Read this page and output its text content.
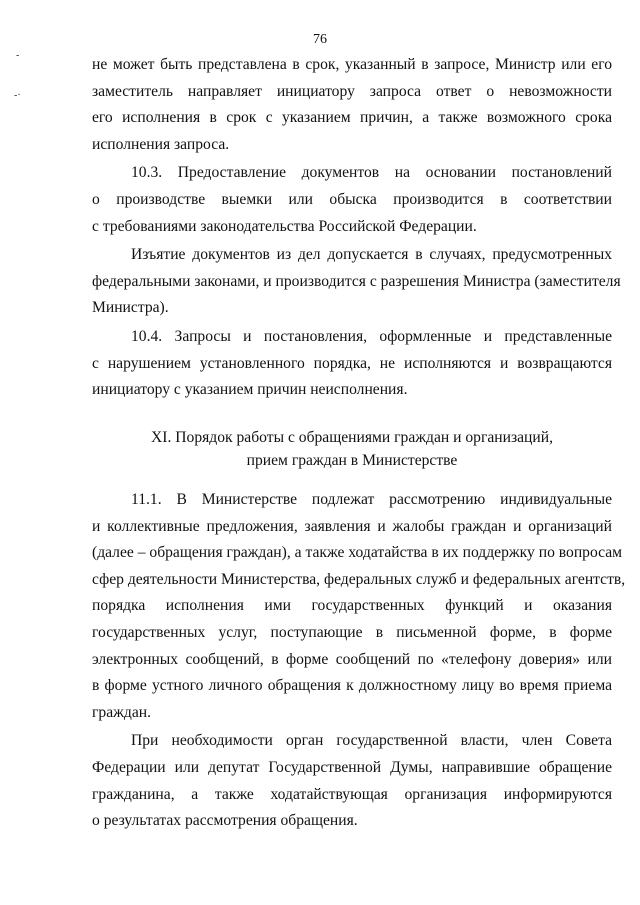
-
-·
76
не может быть представлена в срок, указанный в запросе, Министр или его
заместитель направляет инициатору запроса ответ о невозможности
его исполнения в срок с указанием причин, а также возможного срока
исполнения запроса.
10.3. Предоставление документов на основании постановлений
о производстве выемки или обыска производится в соответствии
с требованиями законодательства Российской Федерации.
Изъятие документов из дел допускается в случаях, предусмотренных
федеральными законами, и производится с разрешения Министра (заместителя
Министра).
10.4. Запросы и постановления, оформленные и представленные
с нарушением установленного порядка, не исполняются и возвращаются
инициатору с указанием причин неисполнения.
XI. Порядок работы с обращениями граждан и организаций,
прием граждан в Министерстве
11.1. В Министерстве подлежат рассмотрению индивидуальные
и коллективные предложения, заявления и жалобы граждан и организаций
(далее – обращения граждан), а также ходатайства в их поддержку по вопросам
сфер деятельности Министерства, федеральных служб и федеральных агентств,
порядка исполнения ими государственных функций и оказания
государственных услуг, поступающие в письменной форме, в форме
электронных сообщений, в форме сообщений по «телефону доверия» или
в форме устного личного обращения к должностному лицу во время приема
граждан.
При необходимости орган государственной власти, член Совета
Федерации или депутат Государственной Думы, направившие обращение
гражданина, а также ходатайствующая организация информируются
о результатах рассмотрения обращения.
